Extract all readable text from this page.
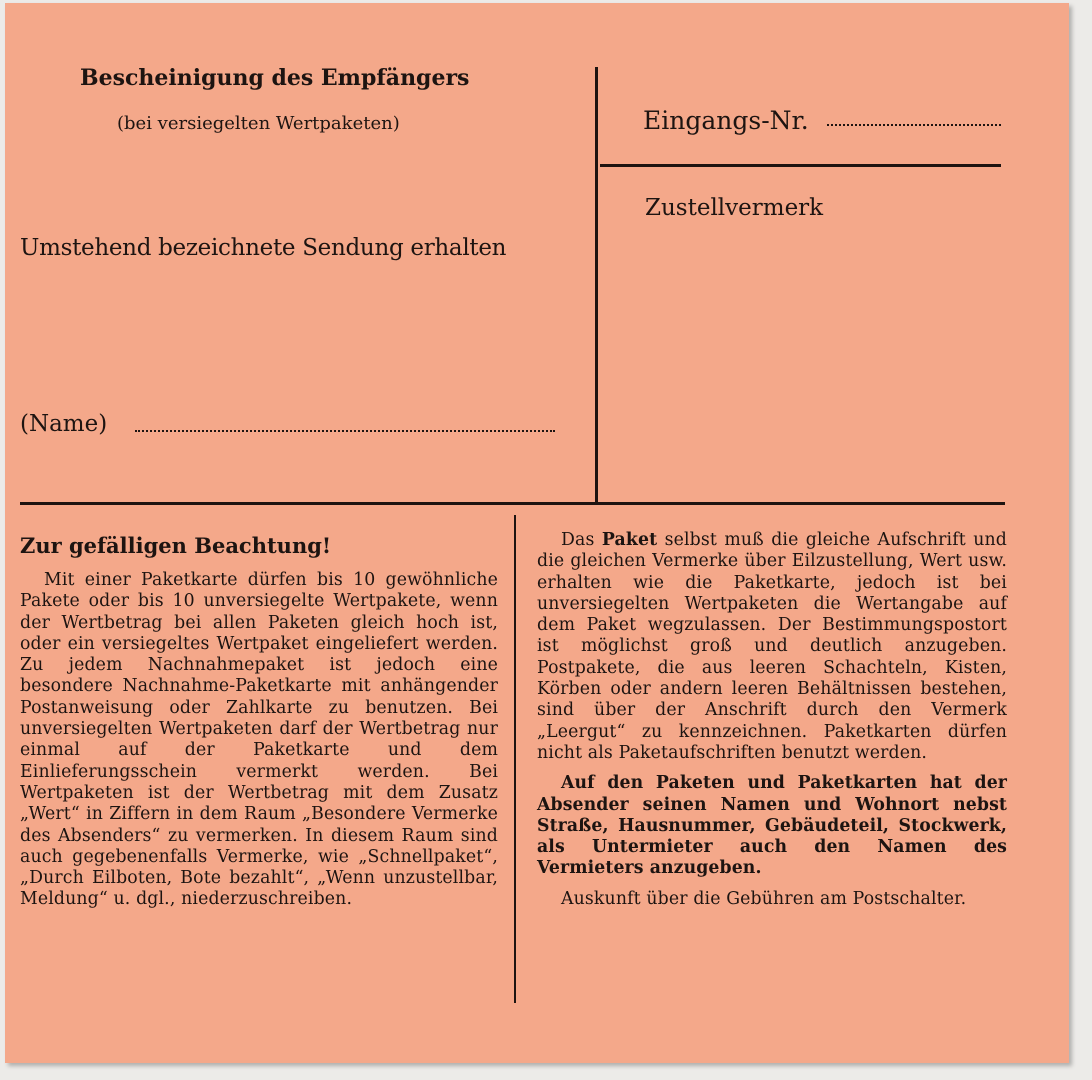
Bescheinigung des Empfängers
(bei versiegelten Wertpaketen)
Umstehend bezeichnete Sendung erhalten
(Name)
Eingangs-Nr.
Zustellvermerk
Zur gefälligen Beachtung!

Mit einer Paketkarte dürfen bis 10 gewöhnliche Pakete oder bis 10 unversiegelte Wertpakete, wenn der Wertbetrag bei allen Paketen gleich hoch ist, oder ein versiegeltes Wertpaket eingeliefert werden. Zu jedem Nachnahmepaket ist jedoch eine besondere Nachnahme-Paketkarte mit anhängender Postanweisung oder Zahlkarte zu benutzen. Bei unversiegelten Wertpaketen darf der Wertbetrag nur einmal auf der Paketkarte und dem Einlieferungsschein vermerkt werden. Bei Wertpaketen ist der Wertbetrag mit dem Zusatz „Wert“ in Ziffern in dem Raum „Besondere Vermerke des Absenders“ zu vermerken. In diesem Raum sind auch gegebenenfalls Vermerke, wie „Schnellpaket“, „Durch Eilboten, Bote bezahlt“, „Wenn unzustellbar, Meldung“ u. dgl., niederzuschreiben.

Das Paket selbst muß die gleiche Aufschrift und die gleichen Vermerke über Eilzustellung, Wert usw. erhalten wie die Paketkarte, jedoch ist bei unversiegelten Wertpaketen die Wertangabe auf dem Paket wegzulassen. Der Bestimmungspostort ist möglichst groß und deutlich anzugeben. Postpakete, die aus leeren Schachteln, Kisten, Körben oder andern leeren Behältnissen bestehen, sind über der Anschrift durch den Vermerk „Leergut“ zu kennzeichnen. Paketkarten dürfen nicht als Paketaufschriften benutzt werden.

Auf den Paketen und Paketkarten hat der Absender seinen Namen und Wohnort nebst Straße, Hausnummer, Gebäudeteil, Stockwerk, als Untermieter auch den Namen des Vermieters anzugeben.

Auskunft über die Gebühren am Postschalter.
